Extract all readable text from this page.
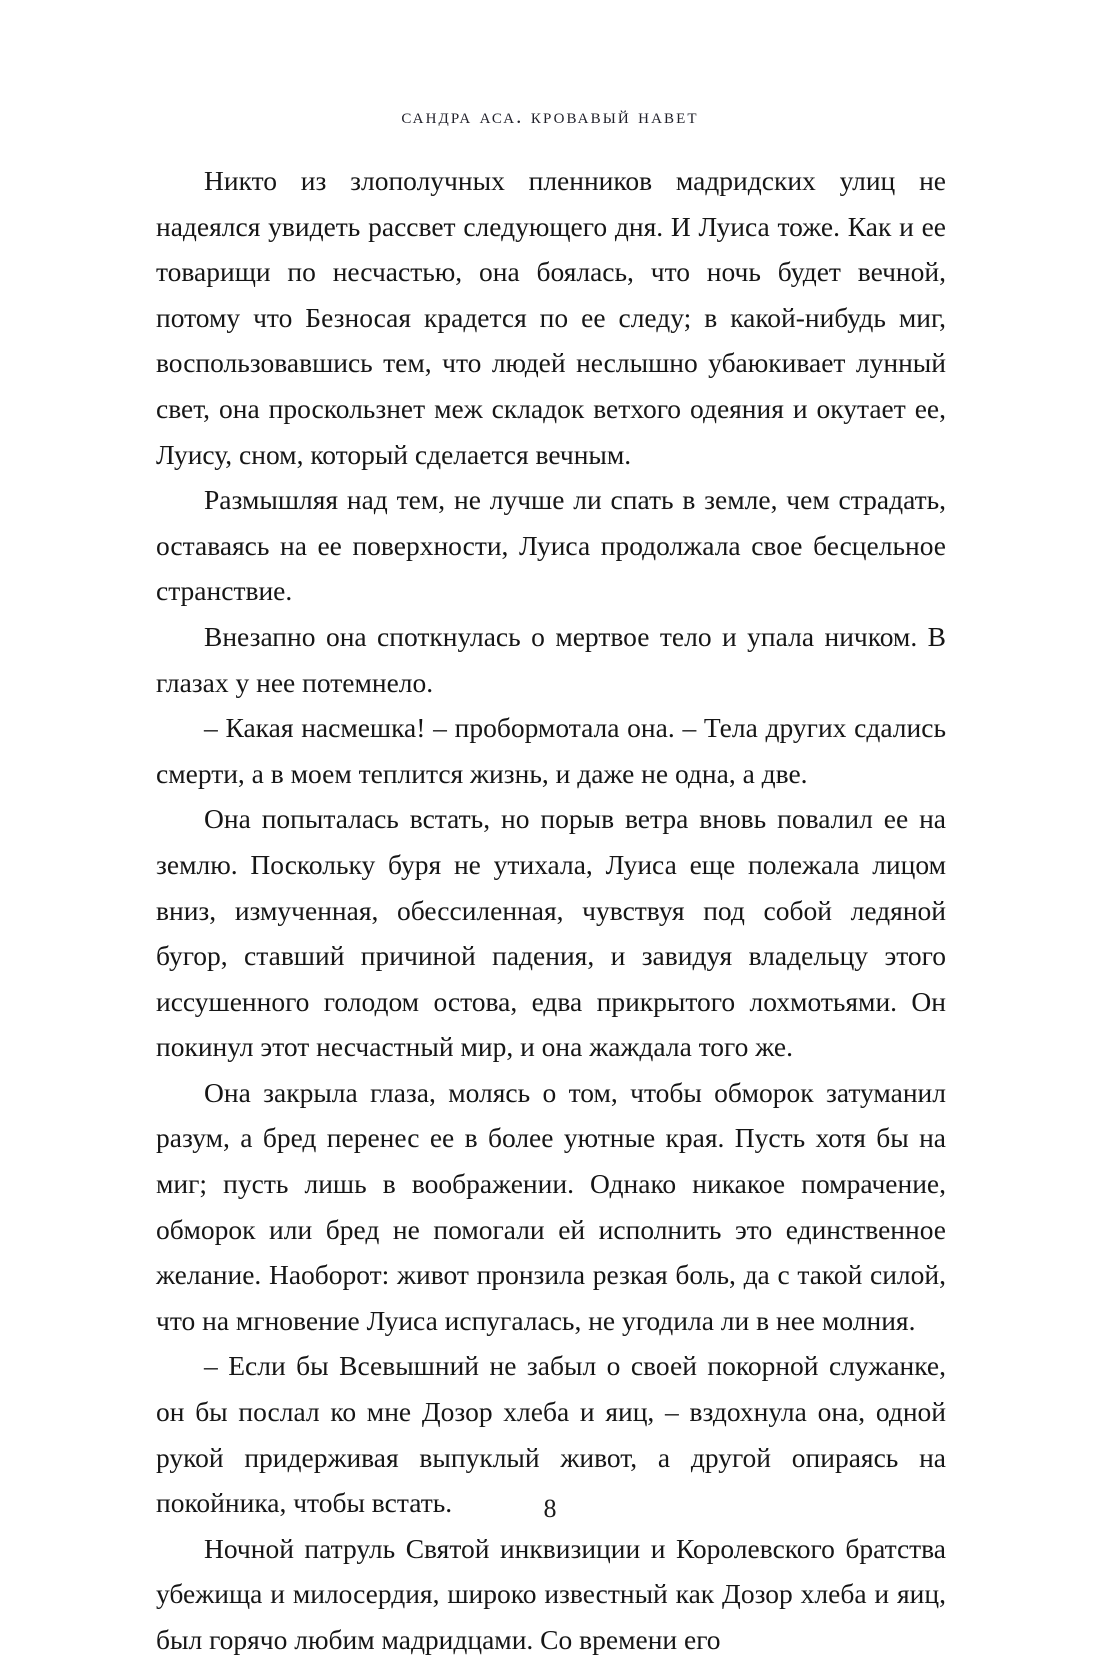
сандра аса. кровавый навет

Никто из злополучных пленников мадридских улиц не надеялся увидеть рассвет следующего дня. И Луиса тоже. Как и ее товарищи по несчастью, она боялась, что ночь будет вечной, потому что Безносая крадется по ее следу; в какой-нибудь миг, воспользовавшись тем, что людей неслышно убаюкивает лунный свет, она проскользнет меж складок ветхого одеяния и окутает ее, Луису, сном, который сделается вечным.

Размышляя над тем, не лучше ли спать в земле, чем страдать, оставаясь на ее поверхности, Луиса продолжала свое бесцельное странствие.

Внезапно она споткнулась о мертвое тело и упала ничком. В глазах у нее потемнело.

– Какая насмешка! – пробормотала она. – Тела других сдались смерти, а в моем теплится жизнь, и даже не одна, а две.

Она попыталась встать, но порыв ветра вновь повалил ее на землю. Поскольку буря не утихала, Луиса еще полежала лицом вниз, измученная, обессиленная, чувствуя под собой ледяной бугор, ставший причиной падения, и завидуя владельцу этого иссушенного голодом остова, едва прикрытого лохмотьями. Он покинул этот несчастный мир, и она жаждала того же.

Она закрыла глаза, молясь о том, чтобы обморок затуманил разум, а бред перенес ее в более уютные края. Пусть хотя бы на миг; пусть лишь в воображении. Однако никакое помрачение, обморок или бред не помогали ей исполнить это единственное желание. Наоборот: живот пронзила резкая боль, да с такой силой, что на мгновение Луиса испугалась, не угодила ли в нее молния.

– Если бы Всевышний не забыл о своей покорной служанке, он бы послал ко мне Дозор хлеба и яиц, – вздохнула она, одной рукой придерживая выпуклый живот, а другой опираясь на покойника, чтобы встать.

Ночной патруль Святой инквизиции и Королевского братства убежища и милосердия, широко известный как Дозор хлеба и яиц, был горячо любим мадридцами. Со времени его

8
